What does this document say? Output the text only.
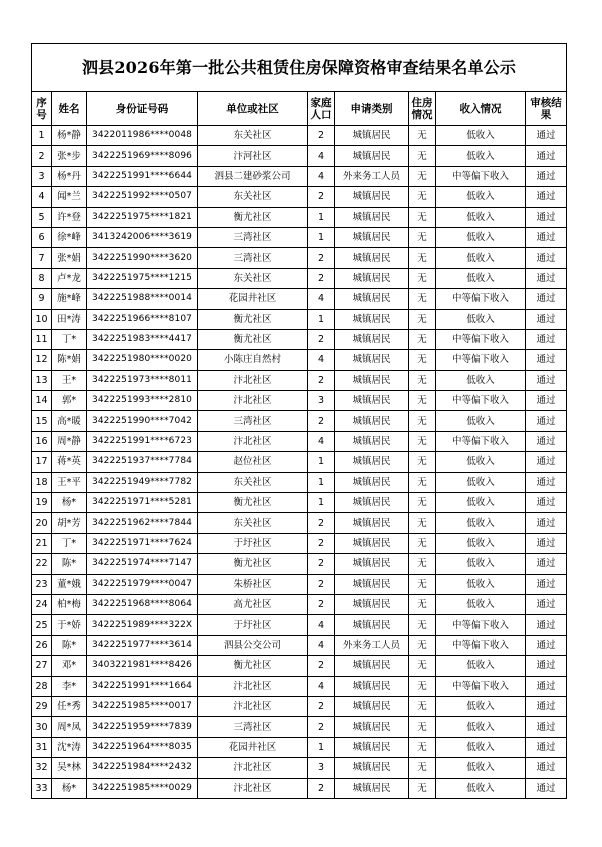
泗县2026年第一批公共租赁住房保障资格审查结果名单公示								
序号	姓名	身份证号码	单位或社区	家庭人口	申请类别	住房情况	收入情况	审核结果
1	杨*静	3422011986****0048	东关社区	2	城镇居民	无	低收入	通过
2	张*步	3422251969****8096	汴河社区	4	城镇居民	无	低收入	通过
3	杨*丹	3422251991****6644	泗县二建砂浆公司	4	外来务工人员	无	中等偏下收入	通过
4	闻*兰	3422251992****0507	东关社区	2	城镇居民	无	低收入	通过
5	许*登	3422251975****1821	衡尤社区	1	城镇居民	无	低收入	通过
6	徐*峰	3413242006****3619	三湾社区	1	城镇居民	无	低收入	通过
7	张*娟	3422251990****3620	三湾社区	2	城镇居民	无	低收入	通过
8	卢*龙	3422251975****1215	东关社区	2	城镇居民	无	低收入	通过
9	施*峰	3422251988****0014	花园井社区	4	城镇居民	无	中等偏下收入	通过
10	田*涛	3422251966****8107	衡尤社区	1	城镇居民	无	低收入	通过
11	丁*	3422251983****4417	衡尤社区	2	城镇居民	无	中等偏下收入	通过
12	陈*娟	3422251980****0020	小陈庄自然村	4	城镇居民	无	中等偏下收入	通过
13	王*	3422251973****8011	汴北社区	2	城镇居民	无	低收入	通过
14	郭*	3422251993****2810	汴北社区	3	城镇居民	无	中等偏下收入	通过
15	高*暖	3422251990****7042	三湾社区	2	城镇居民	无	低收入	通过
16	周*静	3422251991****6723	汴北社区	4	城镇居民	无	中等偏下收入	通过
17	蒋*英	3422251937****7784	赵位社区	1	城镇居民	无	低收入	通过
18	王*平	3422251949****7782	东关社区	1	城镇居民	无	低收入	通过
19	杨*	3422251971****5281	衡尤社区	1	城镇居民	无	低收入	通过
20	胡*芳	3422251962****7844	东关社区	2	城镇居民	无	低收入	通过
21	丁*	3422251971****7624	于圩社区	2	城镇居民	无	低收入	通过
22	陈*	3422251974****7147	衡尤社区	2	城镇居民	无	低收入	通过
23	董*娥	3422251979****0047	朱桥社区	2	城镇居民	无	低收入	通过
24	柏*梅	3422251968****8064	高尤社区	2	城镇居民	无	低收入	通过
25	于*娇	3422251989****322X	于圩社区	4	城镇居民	无	中等偏下收入	通过
26	陈*	3422251977****3614	泗县公交公司	4	外来务工人员	无	中等偏下收入	通过
27	邓*	3403221981****8426	衡尤社区	2	城镇居民	无	低收入	通过
28	李*	3422251991****1664	汴北社区	4	城镇居民	无	中等偏下收入	通过
29	任*秀	3422251985****0017	汴北社区	2	城镇居民	无	低收入	通过
30	周*凤	3422251959****7839	三湾社区	2	城镇居民	无	低收入	通过
31	沈*涛	3422251964****8035	花园井社区	1	城镇居民	无	低收入	通过
32	吴*林	3422251984****2432	汴北社区	3	城镇居民	无	低收入	通过
33	杨*	3422251985****0029	汴北社区	2	城镇居民	无	低收入	通过
